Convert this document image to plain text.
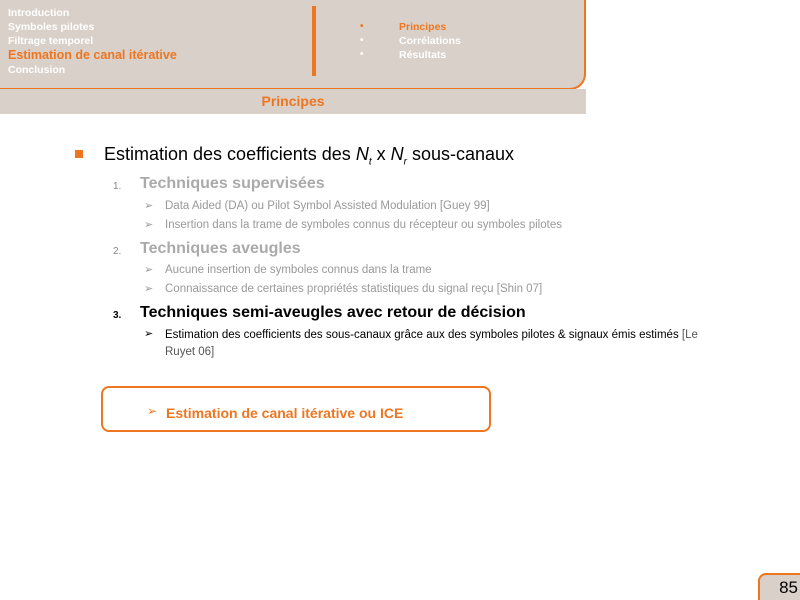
Introduction
Symboles pilotes
Filtrage temporel
Estimation de canal itérative
Conclusion
•	Principes
•	Corrélations
•	Résultats
Principes
Estimation des coefficients des $N_t$ x $N_r$ sous-canaux
1. Techniques supervisées
➢ Data Aided (DA) ou Pilot Symbol Assisted Modulation [Guey 99]
➢ Insertion dans la trame de symboles connus du récepteur ou symboles pilotes
2. Techniques aveugles
➢ Aucune insertion de symboles connus dans la trame
➢ Connaissance de certaines propriétés statistiques du signal reçu [Shin 07]
3. Techniques semi-aveugles avec retour de décision
➢ Estimation des coefficients des sous-canaux grâce aux des symboles pilotes & signaux émis estimés [Le Ruyet 06]
➢ Estimation de canal itérative ou ICE
85
